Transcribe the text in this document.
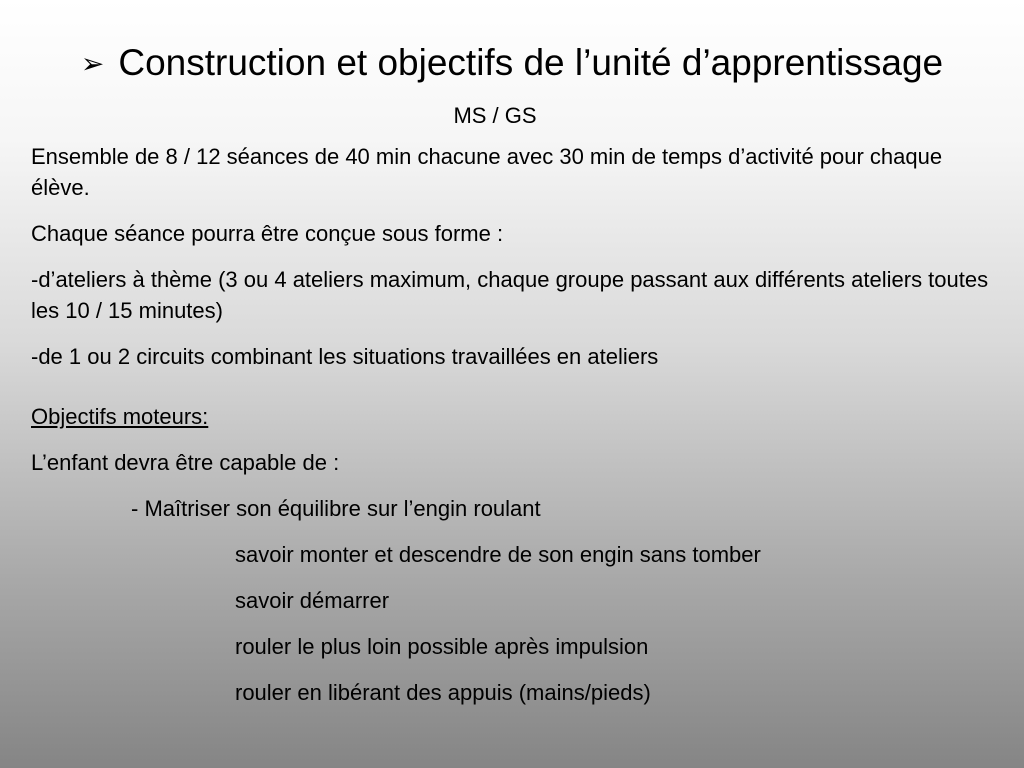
➢ Construction et objectifs de l’unité d’apprentissage
MS / GS

Ensemble de 8 / 12 séances de 40 min chacune avec 30 min de temps d’activité pour chaque élève.

Chaque séance pourra être conçue sous forme :

-d’ateliers à thème (3 ou 4 ateliers maximum, chaque groupe passant aux différents ateliers toutes les 10 / 15 minutes)

-de 1 ou 2 circuits combinant les situations travaillées en ateliers

Objectifs moteurs:

L’enfant devra être capable de :

- Maîtriser son équilibre sur l’engin roulant

savoir monter et descendre de son engin sans tomber

savoir démarrer

rouler le plus loin possible après impulsion

rouler en libérant des appuis (mains/pieds)
